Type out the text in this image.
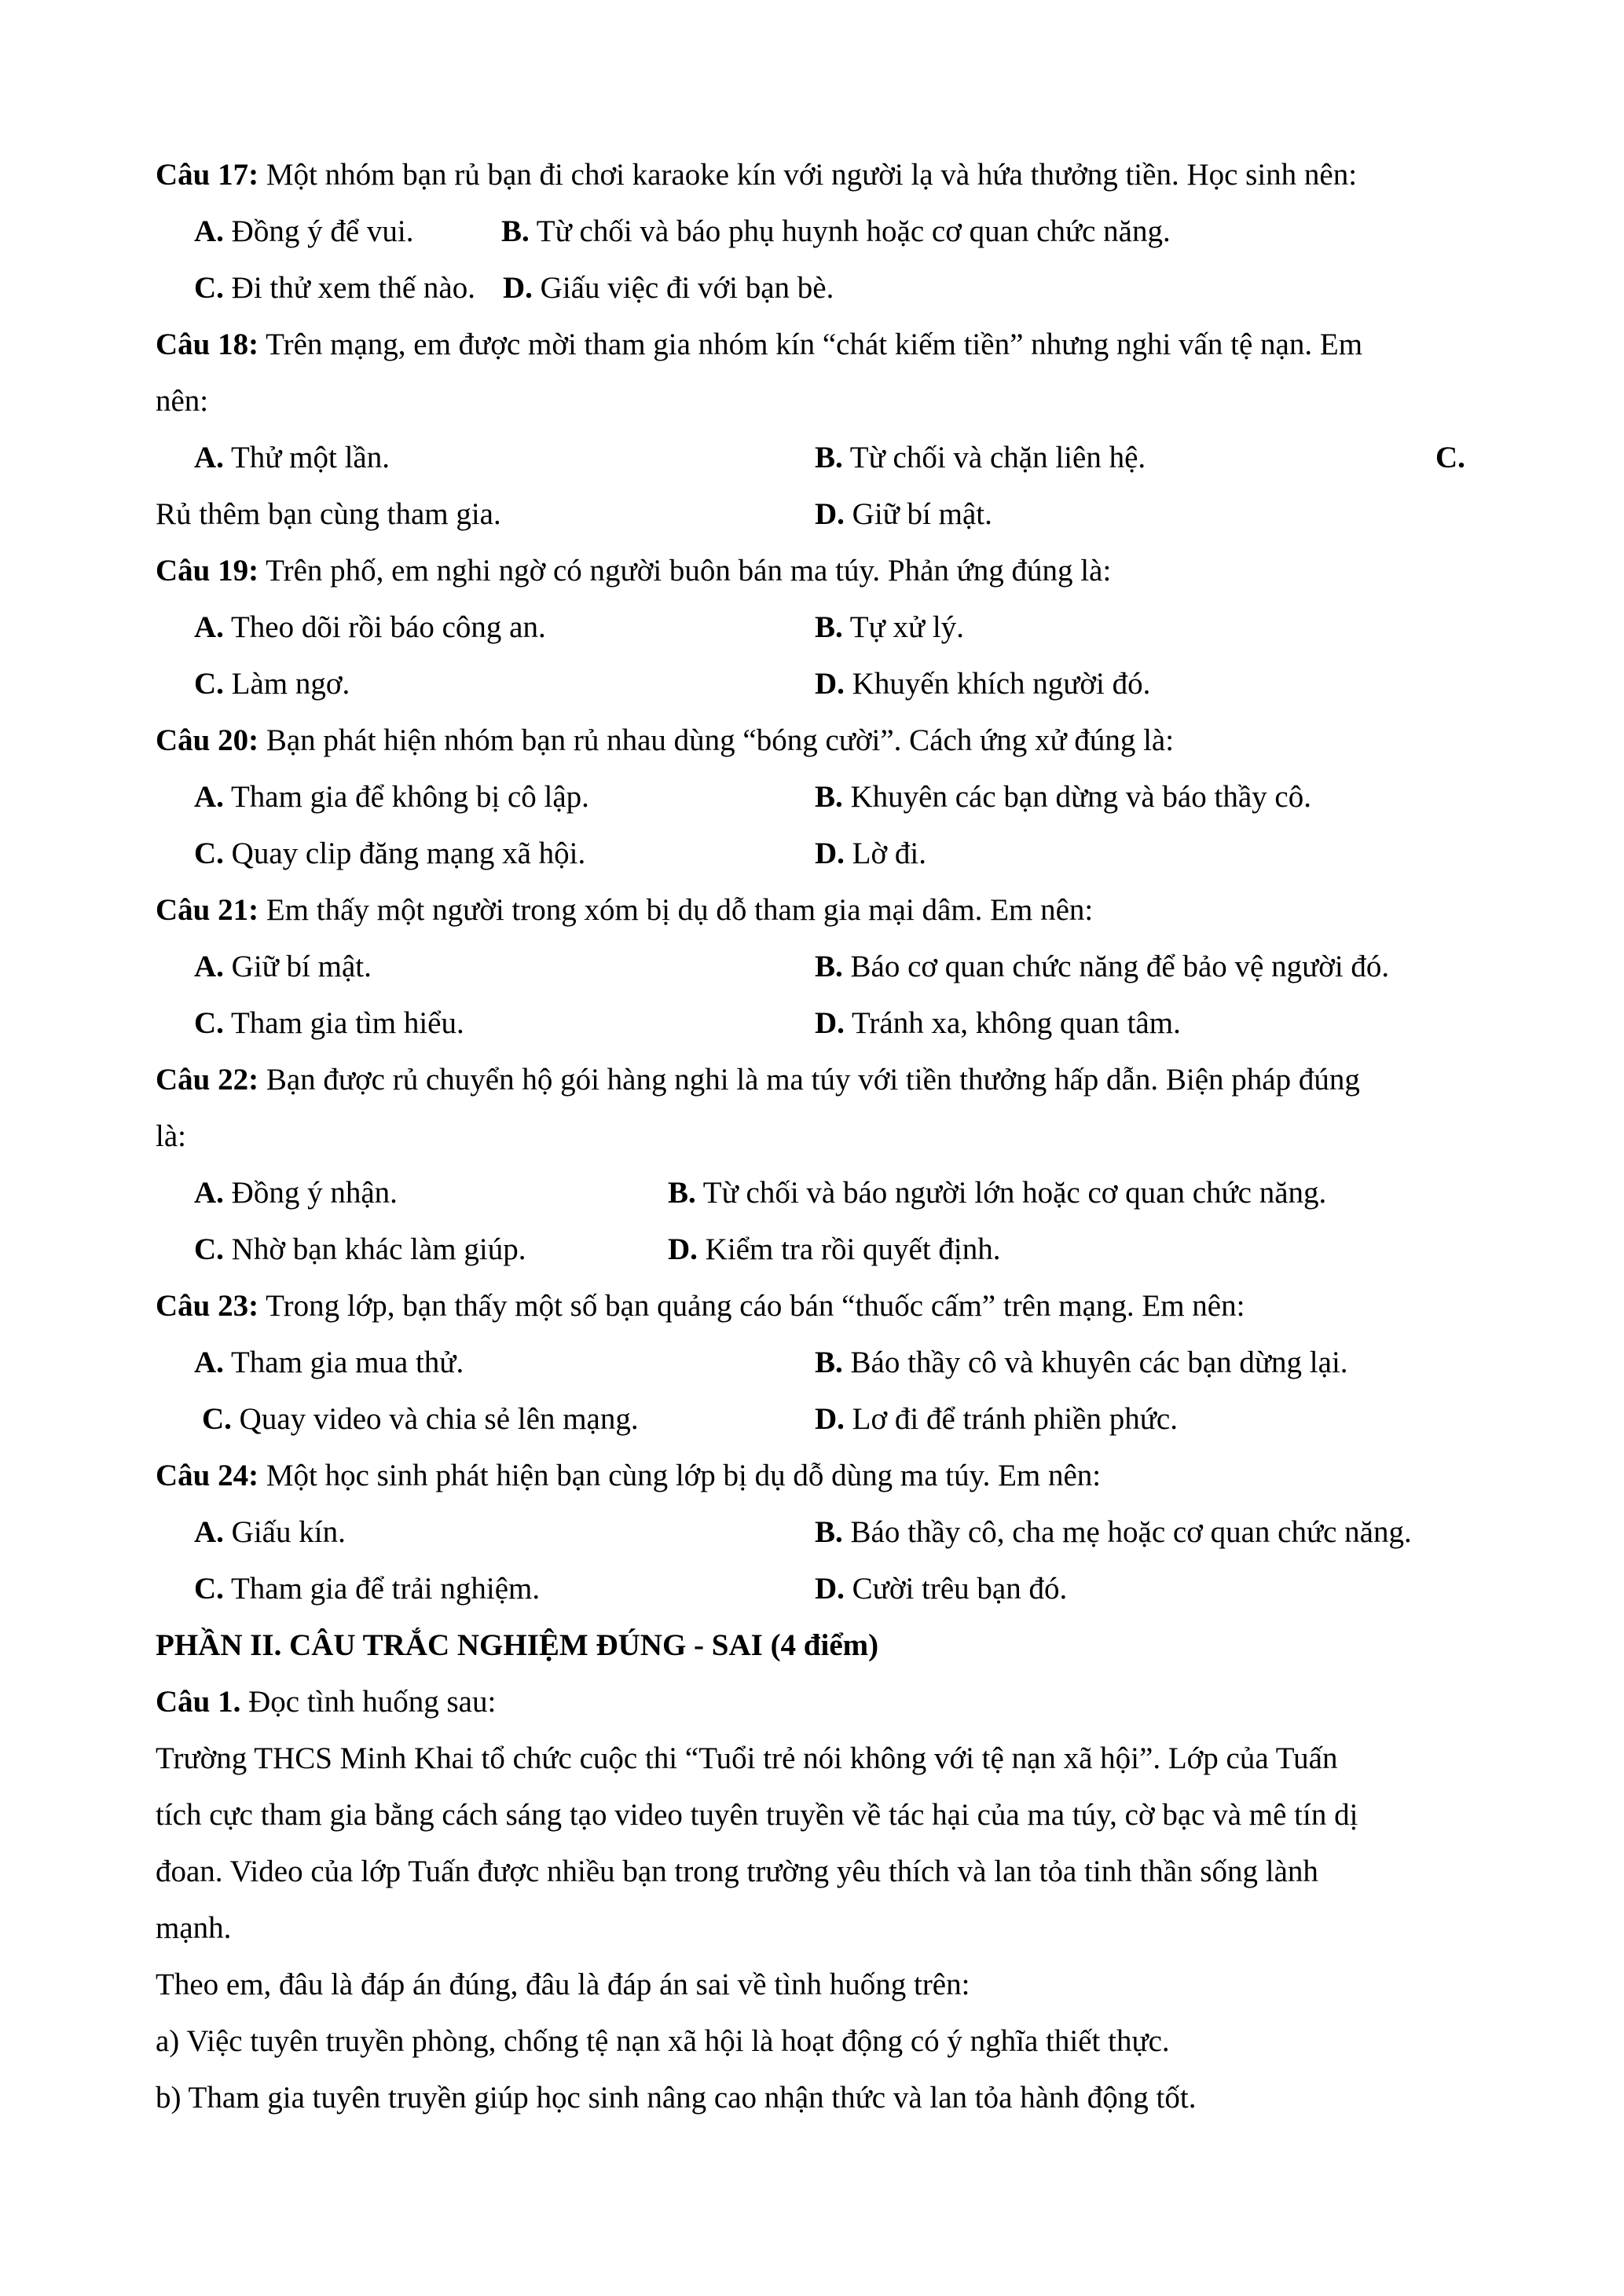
Câu 17: Một nhóm bạn rủ bạn đi chơi karaoke kín với người lạ và hứa thưởng tiền. Học sinh nên:
A. Đồng ý để vui.	B. Từ chối và báo phụ huynh hoặc cơ quan chức năng.
C. Đi thử xem thế nào. D. Giấu việc đi với bạn bè.
Câu 18: Trên mạng, em được mời tham gia nhóm kín “chát kiếm tiền” nhưng nghi vấn tệ nạn. Em
nên:
A. Thử một lần.	B. Từ chối và chặn liên hệ.	C.
Rủ thêm bạn cùng tham gia.	D. Giữ bí mật.
Câu 19: Trên phố, em nghi ngờ có người buôn bán ma túy. Phản ứng đúng là:
A. Theo dõi rồi báo công an.	B. Tự xử lý.
C. Làm ngơ.	D. Khuyến khích người đó.
Câu 20: Bạn phát hiện nhóm bạn rủ nhau dùng “bóng cười”. Cách ứng xử đúng là:
A. Tham gia để không bị cô lập.	B. Khuyên các bạn dừng và báo thầy cô.
C. Quay clip đăng mạng xã hội.	D. Lờ đi.
Câu 21: Em thấy một người trong xóm bị dụ dỗ tham gia mại dâm. Em nên:
A. Giữ bí mật.	B. Báo cơ quan chức năng để bảo vệ người đó.
C. Tham gia tìm hiểu.	D. Tránh xa, không quan tâm.
Câu 22: Bạn được rủ chuyển hộ gói hàng nghi là ma túy với tiền thưởng hấp dẫn. Biện pháp đúng
là:
A. Đồng ý nhận.	B. Từ chối và báo người lớn hoặc cơ quan chức năng.
C. Nhờ bạn khác làm giúp.	D. Kiểm tra rồi quyết định.
Câu 23: Trong lớp, bạn thấy một số bạn quảng cáo bán “thuốc cấm” trên mạng. Em nên:
A. Tham gia mua thử.	B. Báo thầy cô và khuyên các bạn dừng lại.
C. Quay video và chia sẻ lên mạng.	D. Lơ đi để tránh phiền phức.
Câu 24: Một học sinh phát hiện bạn cùng lớp bị dụ dỗ dùng ma túy. Em nên:
A. Giấu kín.	B. Báo thầy cô, cha mẹ hoặc cơ quan chức năng.
C. Tham gia để trải nghiệm.	D. Cười trêu bạn đó.
PHẦN II. CÂU TRẮC NGHIỆM ĐÚNG - SAI (4 điểm)
Câu 1. Đọc tình huống sau:
Trường THCS Minh Khai tổ chức cuộc thi “Tuổi trẻ nói không với tệ nạn xã hội”. Lớp của Tuấn
tích cực tham gia bằng cách sáng tạo video tuyên truyền về tác hại của ma túy, cờ bạc và mê tín dị
đoan. Video của lớp Tuấn được nhiều bạn trong trường yêu thích và lan tỏa tinh thần sống lành
mạnh.
Theo em, đâu là đáp án đúng, đâu là đáp án sai về tình huống trên:
a) Việc tuyên truyền phòng, chống tệ nạn xã hội là hoạt động có ý nghĩa thiết thực.
b) Tham gia tuyên truyền giúp học sinh nâng cao nhận thức và lan tỏa hành động tốt.
